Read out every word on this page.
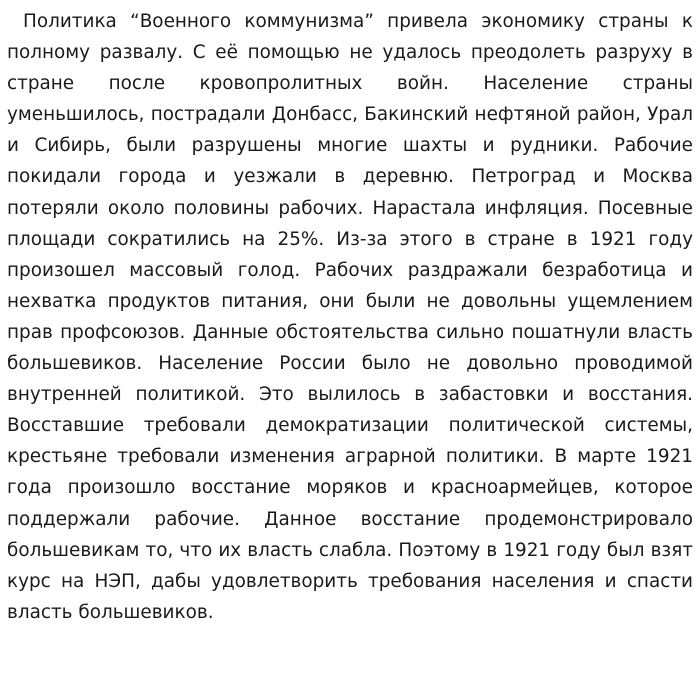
Политика “Военного коммунизма” привела экономику страны к полному развалу. С её помощью не удалось преодолеть разруху в стране после кровопролитных войн. Население страны уменьшилось, пострадали Донбасс, Бакинский нефтяной район, Урал и Сибирь, были разрушены многие шахты и рудники. Рабочие покидали города и уезжали в деревню. Петроград и Москва потеряли около половины рабочих. Нарастала инфляция. Посевные площади сократились на 25%. Из-за этого в стране в 1921 году произошел массовый голод. Рабочих раздражали безработица и нехватка продуктов питания, они были не довольны ущемлением прав профсоюзов. Данные обстоятельства сильно пошатнули власть большевиков. Население России было не довольно проводимой внутренней политикой. Это вылилось в забастовки и восстания. Восставшие требовали демократизации политической системы, крестьяне требовали изменения аграрной политики. В марте 1921 года произошло восстание моряков и красноармейцев, которое поддержали рабочие. Данное восстание продемонстрировало большевикам то, что их власть слабла. Поэтому в 1921 году был взят курс на НЭП, дабы удовлетворить требования населения и спасти власть большевиков.
